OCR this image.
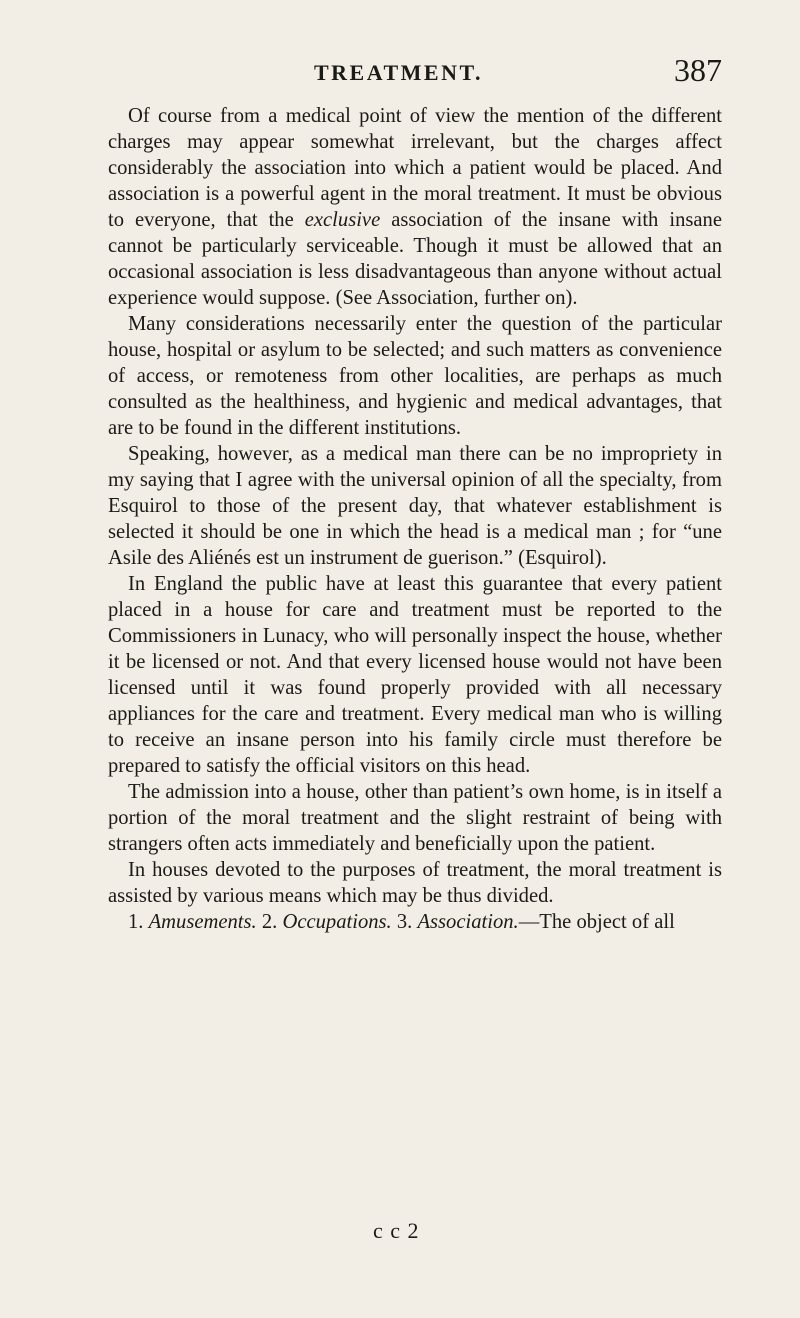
TREATMENT.	387

Of course from a medical point of view the mention of the different charges may appear somewhat irrelevant, but the charges affect considerably the association into which a patient would be placed. And association is a powerful agent in the moral treatment. It must be obvious to everyone, that the exclusive association of the insane with insane cannot be particularly serviceable. Though it must be allowed that an occasional association is less disadvantageous than anyone without actual experience would suppose. (See Association, further on).

Many considerations necessarily enter the question of the particular house, hospital or asylum to be selected; and such matters as convenience of access, or remoteness from other localities, are perhaps as much consulted as the healthiness, and hygienic and medical advantages, that are to be found in the different institutions.

Speaking, however, as a medical man there can be no impropriety in my saying that I agree with the universal opinion of all the specialty, from Esquirol to those of the present day, that whatever establishment is selected it should be one in which the head is a medical man ; for “une Asile des Aliénés est un instrument de guerison.” (Esquirol).

In England the public have at least this guarantee that every patient placed in a house for care and treatment must be reported to the Commissioners in Lunacy, who will personally inspect the house, whether it be licensed or not. And that every licensed house would not have been licensed until it was found properly provided with all necessary appliances for the care and treatment. Every medical man who is willing to receive an insane person into his family circle must therefore be prepared to satisfy the official visitors on this head.

The admission into a house, other than patient’s own home, is in itself a portion of the moral treatment and the slight restraint of being with strangers often acts immediately and beneficially upon the patient.

In houses devoted to the purposes of treatment, the moral treatment is assisted by various means which may be thus divided.

1. Amusements. 2. Occupations. 3. Association.—The object of all

c c 2
